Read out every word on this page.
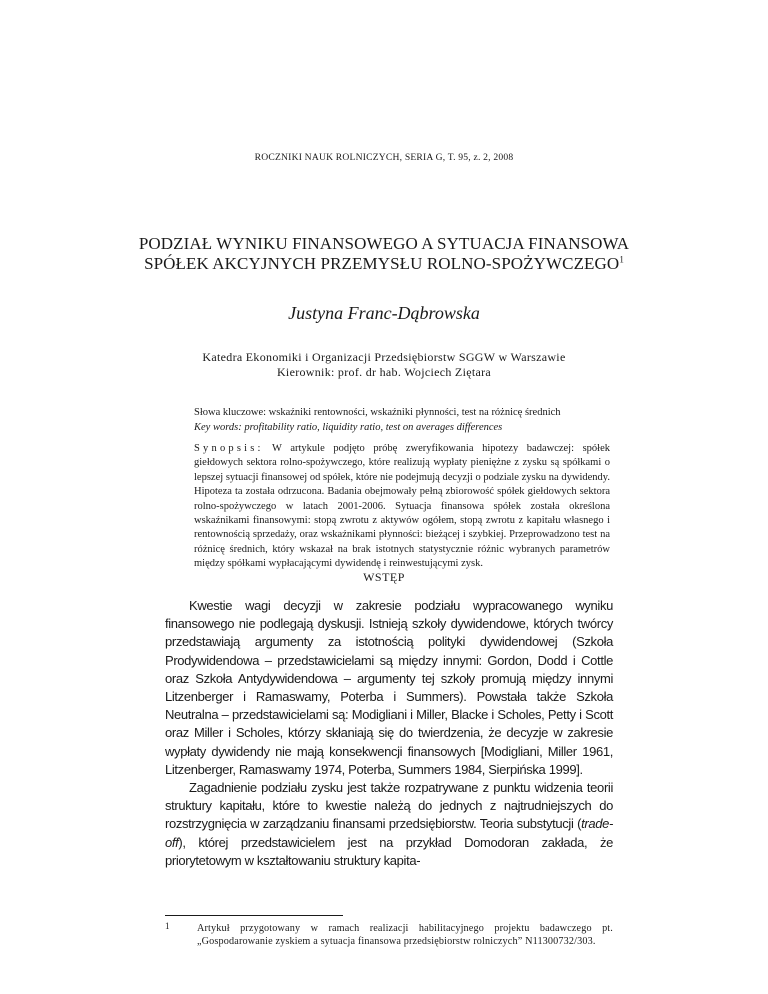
ROCZNIKI NAUK ROLNICZYCH, SERIA G, T. 95, z. 2, 2008
PODZIAŁ WYNIKU FINANSOWEGO A SYTUACJA FINANSOWA
SPÓŁEK AKCYJNYCH PRZEMYSŁU ROLNO-SPOŻYWCZEGO$^1$
Justyna Franc-Dąbrowska
Katedra Ekonomiki i Organizacji Przedsiębiorstw SGGW w Warszawie
Kierownik: prof. dr hab. Wojciech Ziętara
Słowa kluczowe: wskaźniki rentowności, wskaźniki płynności, test na różnicę średnich
Key words: profitability ratio, liquidity ratio, test on averages differences
Synopsis: W artykule podjęto próbę zweryfikowania hipotezy badawczej: spółek giełdowych sektora rolno-spożywczego, które realizują wypłaty pieniężne z zysku są spółkami o lepszej sytuacji finansowej od spółek, które nie podejmują decyzji o podziale zysku na dywidendy. Hipoteza ta została odrzucona. Badania obejmowały pełną zbiorowość spółek giełdowych sektora rolno-spożywczego w latach 2001-2006. Sytuacja finansowa spółek została określona wskaźnikami finansowymi: stopą zwrotu z aktywów ogółem, stopą zwrotu z kapitału własnego i rentownością sprzedaży, oraz wskaźnikami płynności: bieżącej i szybkiej. Przeprowadzono test na różnicę średnich, który wskazał na brak istotnych statystycznie różnic wybranych parametrów między spółkami wypłacającymi dywidendę i reinwestującymi zysk.
WSTĘP

Kwestie wagi decyzji w zakresie podziału wypracowanego wyniku finansowego nie podlegają dyskusji. Istnieją szkoły dywidendowe, których twórcy przedstawiają argumenty za istotnością polityki dywidendowej (Szkoła Prodywidendowa – przedstawicielami są między innymi: Gordon, Dodd i Cottle oraz Szkoła Antydywidendowa – argumenty tej szkoły promują między innymi Litzenberger i Ramaswamy, Poterba i Summers). Powstała także Szkoła Neutralna – przedstawicielami są: Modigliani i Miller, Blacke i Scholes, Petty i Scott oraz Miller i Scholes, którzy skłaniają się do twierdzenia, że decyzje w zakresie wypłaty dywidendy nie mają konsekwencji finansowych [Modigliani, Miller 1961, Litzenberger, Ramaswamy 1974, Poterba, Summers 1984, Sierpińska 1999].

Zagadnienie podziału zysku jest także rozpatrywane z punktu widzenia teorii struktury kapitału, które to kwestie należą do jednych z najtrudniejszych do rozstrzygnięcia w zarządzaniu finansami przedsiębiorstw. Teoria substytucji (trade-off), której przedstawicielem jest na przykład Domodoran zakłada, że priorytetowym w kształtowaniu struktury kapita-

1	Artykuł przygotowany w ramach realizacji habilitacyjnego projektu badawczego pt. „Gospodarowanie zyskiem a sytuacja finansowa przedsiębiorstw rolniczych” N11300732/303.
